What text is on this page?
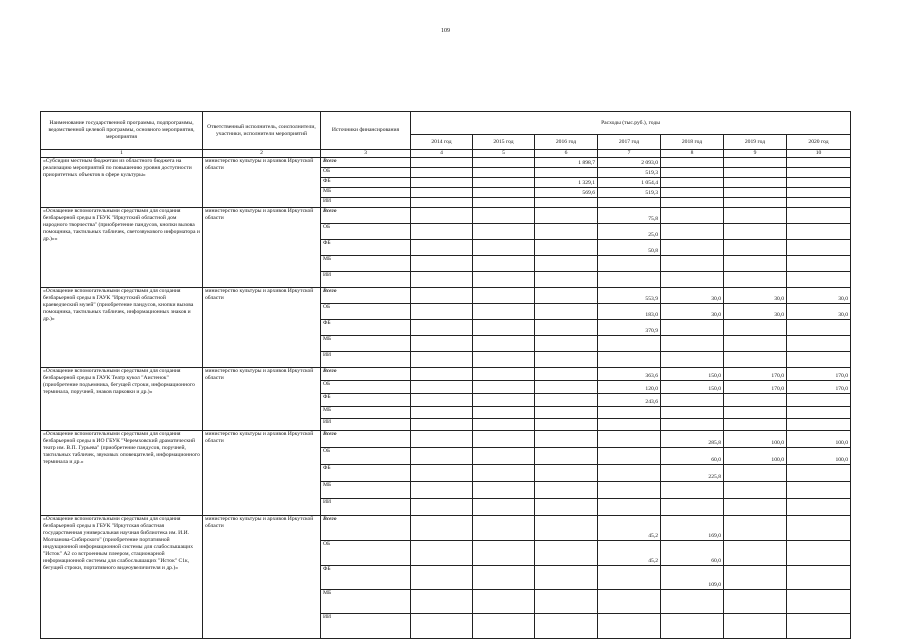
109
Наименование государственной программы, подпрограммы, ведомственной целевой программы, основного мероприятия, мероприятия	Ответственный исполнитель, соисполнители, участники, исполнители мероприятий	Источники финансирования	Расходы (тыс.руб.), годы						
			2014 год	2015 год	2016 год	2017 год	2018 год	2019 год	2020 год
1	2	3	4	5	6	7	8	9	10
«Субсидии местным бюджетам из областного бюджета на реализацию мероприятий по повышению уровня доступности приоритетных объектов в сфере культуры»	министерство культуры и архивов Иркутской области	Всего			1 898,7	2 093,0			
		ОБ				519,3			
		ФБ			1 329,1	1 054,4			
		МБ			569,6	519,3			
		ИИ							
«Оснащение вспомогательными средствами для создания безбарьерной среды в ГБУК "Иркутский областной дом народного творчества" (приобретение пандусов, кнопки вызова помощника, тактильных табличек, светозвукового информатора и др.)»»	министерство культуры и архивов Иркутской области	Всего				75,8			
		ОБ				25,0			
		ФБ				50,8			
		МБ							
		ИИ							
«Оснащение вспомогательными средствами для создания безбарьерной среды в ГАУК "Иркутский областной краеведческий музей" (приобретение пандусов, кнопки вызова помощника, тактильных табличек, информационных знаков и др.)»	министерство культуры и архивов Иркутской области	Всего				553,9	30,0	30,0	30,0
		ОБ				183,0	30,0	30,0	30,0
		ФБ				370,9			
		МБ							
		ИИ							
«Оснащение вспомогательными средствами для создания безбарьерной среды в ГАУК Театр кукол "Аистенок" (приобретение подъемника, бегущей строки, информационного терминала, поручней, знаков парковки и др.)»	министерство культуры и архивов Иркутской области	Всего				363,6	150,0	170,0	170,0
		ОБ				120,0	150,0	170,0	170,0
		ФБ				243,6			
		МБ							
		ИИ							
«Оснащение вспомогательными средствами для создания безбарьерной среды в ИО ГБУК "Черемховский драматический театр им. В.П. Гурьева" (приобретение пандусов, поручней, тактильных табличек, звуковых оповещателей, информационного терминала и др.»	министерство культуры и архивов Иркутской области	Всего					285,8	100,0	100,0
		ОБ					60,0	100,0	100,0
		ФБ					225,8		
		МБ							
		ИИ							
«Оснащение вспомогательными средствами для создания безбарьерной среды в ГБУК "Иркутская областная государственная универсальная научная библиотека им. И.И. Молчанова-Сибирского" (приобретение портативной индукционной информационной системы для слабослышащих "Исток" А2 со встроенным плеером, стационарной информационной системы для слабослышащих "Исток" С1к, бегущей строки, портативного видеоувеличителя и др.)»	министерство культуры и архивов Иркутской области	Всего				45,2	169,0		
		ОБ				45,2	60,0		
		ФБ					109,0		
		МБ							
		ИИ							
